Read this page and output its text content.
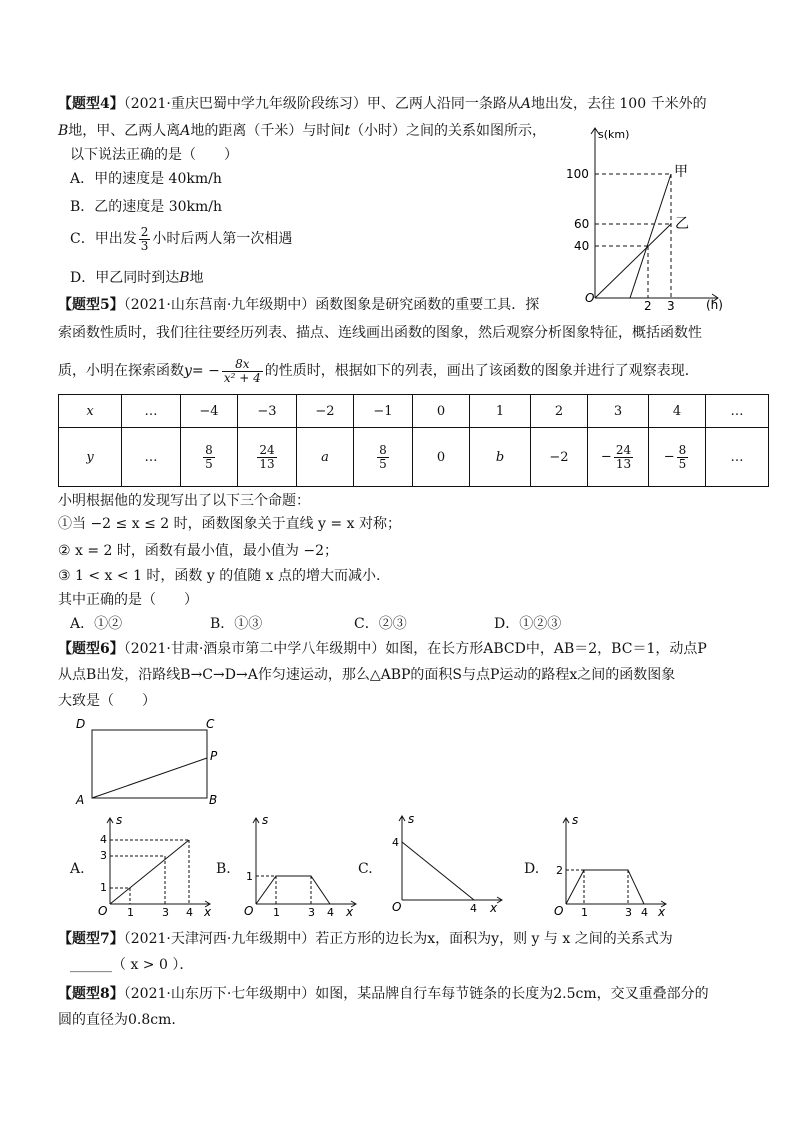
【题型4】（2021·重庆巴蜀中学九年级阶段练习）甲、乙两人沿同一条路从A地出发，去往 100 千米外的
B地，甲、乙两人离A地的距离（千米）与时间t（小时）之间的关系如图所示，
以下说法正确的是（　　）
A．甲的速度是 40km/h
B．乙的速度是 30km/h
C．甲出发 $\frac{2}{3}$ 小时后两人第一次相遇
D．甲乙同时到达B地
s(km)
100
60
40
O
2 3	(h)
甲
乙
【题型5】（2021·山东莒南·九年级期中）函数图象是研究函数的重要工具．探
索函数性质时，我们往往要经历列表、描点、连线画出函数的图象，然后观察分析图象特征，概括函数性
质，小明在探索函数$y= - \frac{8x}{\text{x² + 4}}$ 的性质时，根据如下的列表，画出了该函数的图象并进行了观察表现．
x	…	−4	−3	−2	−1	0	1	2	3	4	…
y	…	$\frac{8}{5}$	$\frac{24}{13}$	a	$\frac{8}{5}$	0	b	−2	− $\frac{24}{13}$	− $\frac{8}{5}$	…
小明根据他的发现写出了以下三个命题：
①当 −2 ≤ x ≤ 2 时，函数图象关于直线 y = x 对称；
② x = 2 时，函数有最小值，最小值为 −2；
③ 1 < x < 1 时，函数 y 的值随 x 点的增大而减小.
其中正确的是（　　）
A．①②	B．①③	C．②③	D．①②③
【题型6】（2021·甘肃·酒泉市第二中学八年级期中）如图，在长方形ABCD中，AB＝2，BC＝1，动点P
从点B出发，沿路线B→C→D→A作匀速运动，那么△ABP的面积S与点P运动的路程x之间的函数图象
大致是（　　）
D	C
P
A	B
A.	B.	C.	D.
s
4
3
1
O 1	3 4 x
s
1
O 1	3 4 x
s
4
O	4 x
s
2
O 1	3 4 x
【题型7】（2021·天津河西·九年级期中）若正方形的边长为x，面积为y，则 y 与 x 之间的关系式为
______（ x > 0 ）．
【题型8】（2021·山东历下·七年级期中）如图，某品牌自行车每节链条的长度为2.5cm，交叉重叠部分的
圆的直径为0.8cm.
